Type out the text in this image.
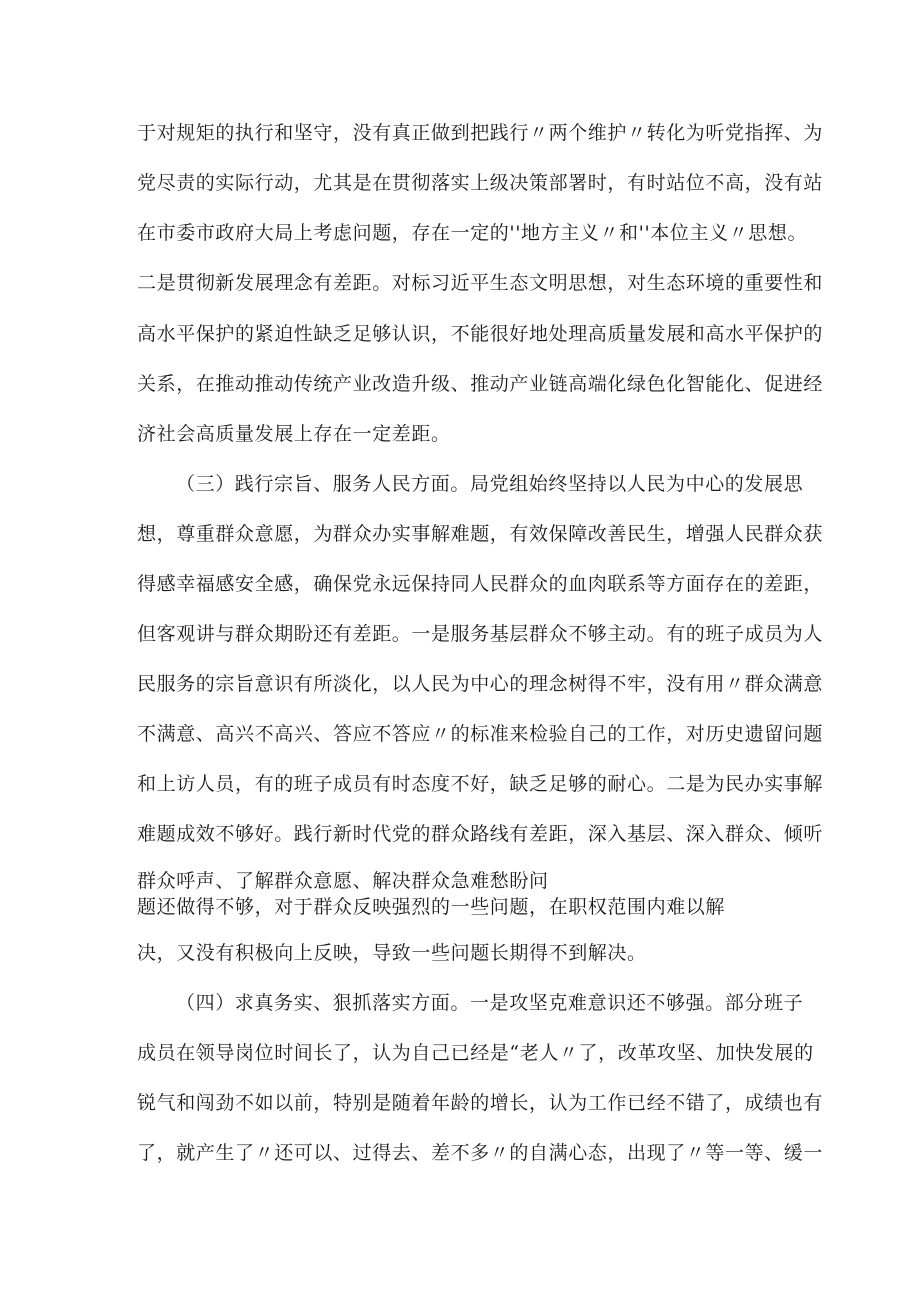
于对规矩的执行和坚守，没有真正做到把践行〃两个维护〃转化为听党指挥、为
党尽责的实际行动，尤其是在贯彻落实上级决策部署时，有时站位不高，没有站
在市委市政府大局上考虑问题，存在一定的''地方主义〃和''本位主义〃思想。
二是贯彻新发展理念有差距。对标习近平生态文明思想，对生态环境的重要性和
高水平保护的紧迫性缺乏足够认识，不能很好地处理高质量发展和高水平保护的
关系，在推动推动传统产业改造升级、推动产业链高端化绿色化智能化、促进经
济社会高质量发展上存在一定差距。
（三）践行宗旨、服务人民方面。局党组始终坚持以人民为中心的发展思
想，尊重群众意愿，为群众办实事解难题，有效保障改善民生，增强人民群众获
得感幸福感安全感，确保党永远保持同人民群众的血肉联系等方面存在的差距，
但客观讲与群众期盼还有差距。一是服务基层群众不够主动。有的班子成员为人
民服务的宗旨意识有所淡化，以人民为中心的理念树得不牢，没有用〃群众满意
不满意、高兴不高兴、答应不答应〃的标准来检验自己的工作，对历史遗留问题
和上访人员，有的班子成员有时态度不好，缺乏足够的耐心。二是为民办实事解
难题成效不够好。践行新时代党的群众路线有差距，深入基层、深入群众、倾听
群众呼声、了解群众意愿、解决群众急难愁盼问
题还做得不够，对于群众反映强烈的一些问题，在职权范围内难以解
决，又没有积极向上反映，导致一些问题长期得不到解决。
（四）求真务实、狠抓落实方面。一是攻坚克难意识还不够强。部分班子
成员在领导岗位时间长了，认为自己已经是“老人〃了，改革攻坚、加快发展的
锐气和闯劲不如以前，特别是随着年龄的增长，认为工作已经不错了，成绩也有
了，就产生了〃还可以、过得去、差不多〃的自满心态，出现了〃等一等、缓一
